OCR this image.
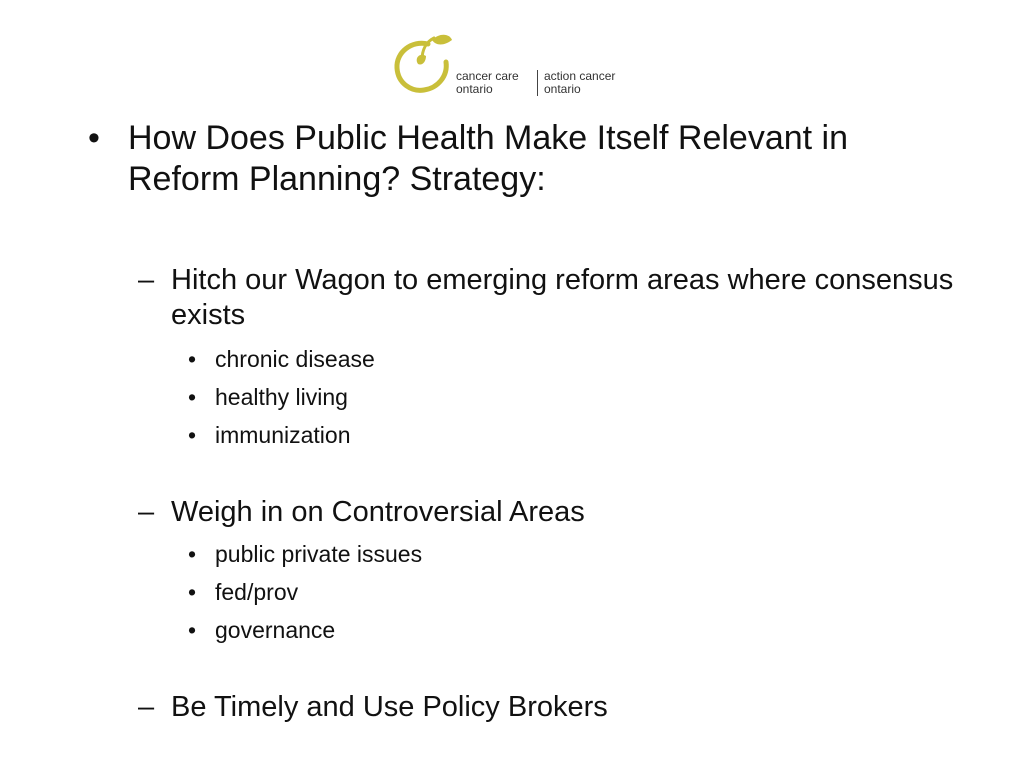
cancer care
ontario
action cancer
ontario
• How Does Public Health Make Itself Relevant in Reform Planning? Strategy:
– Hitch our Wagon to emerging reform areas where consensus exists
• chronic disease
• healthy living
• immunization
– Weigh in on Controversial Areas
• public private issues
• fed/prov
• governance
– Be Timely and Use Policy Brokers
